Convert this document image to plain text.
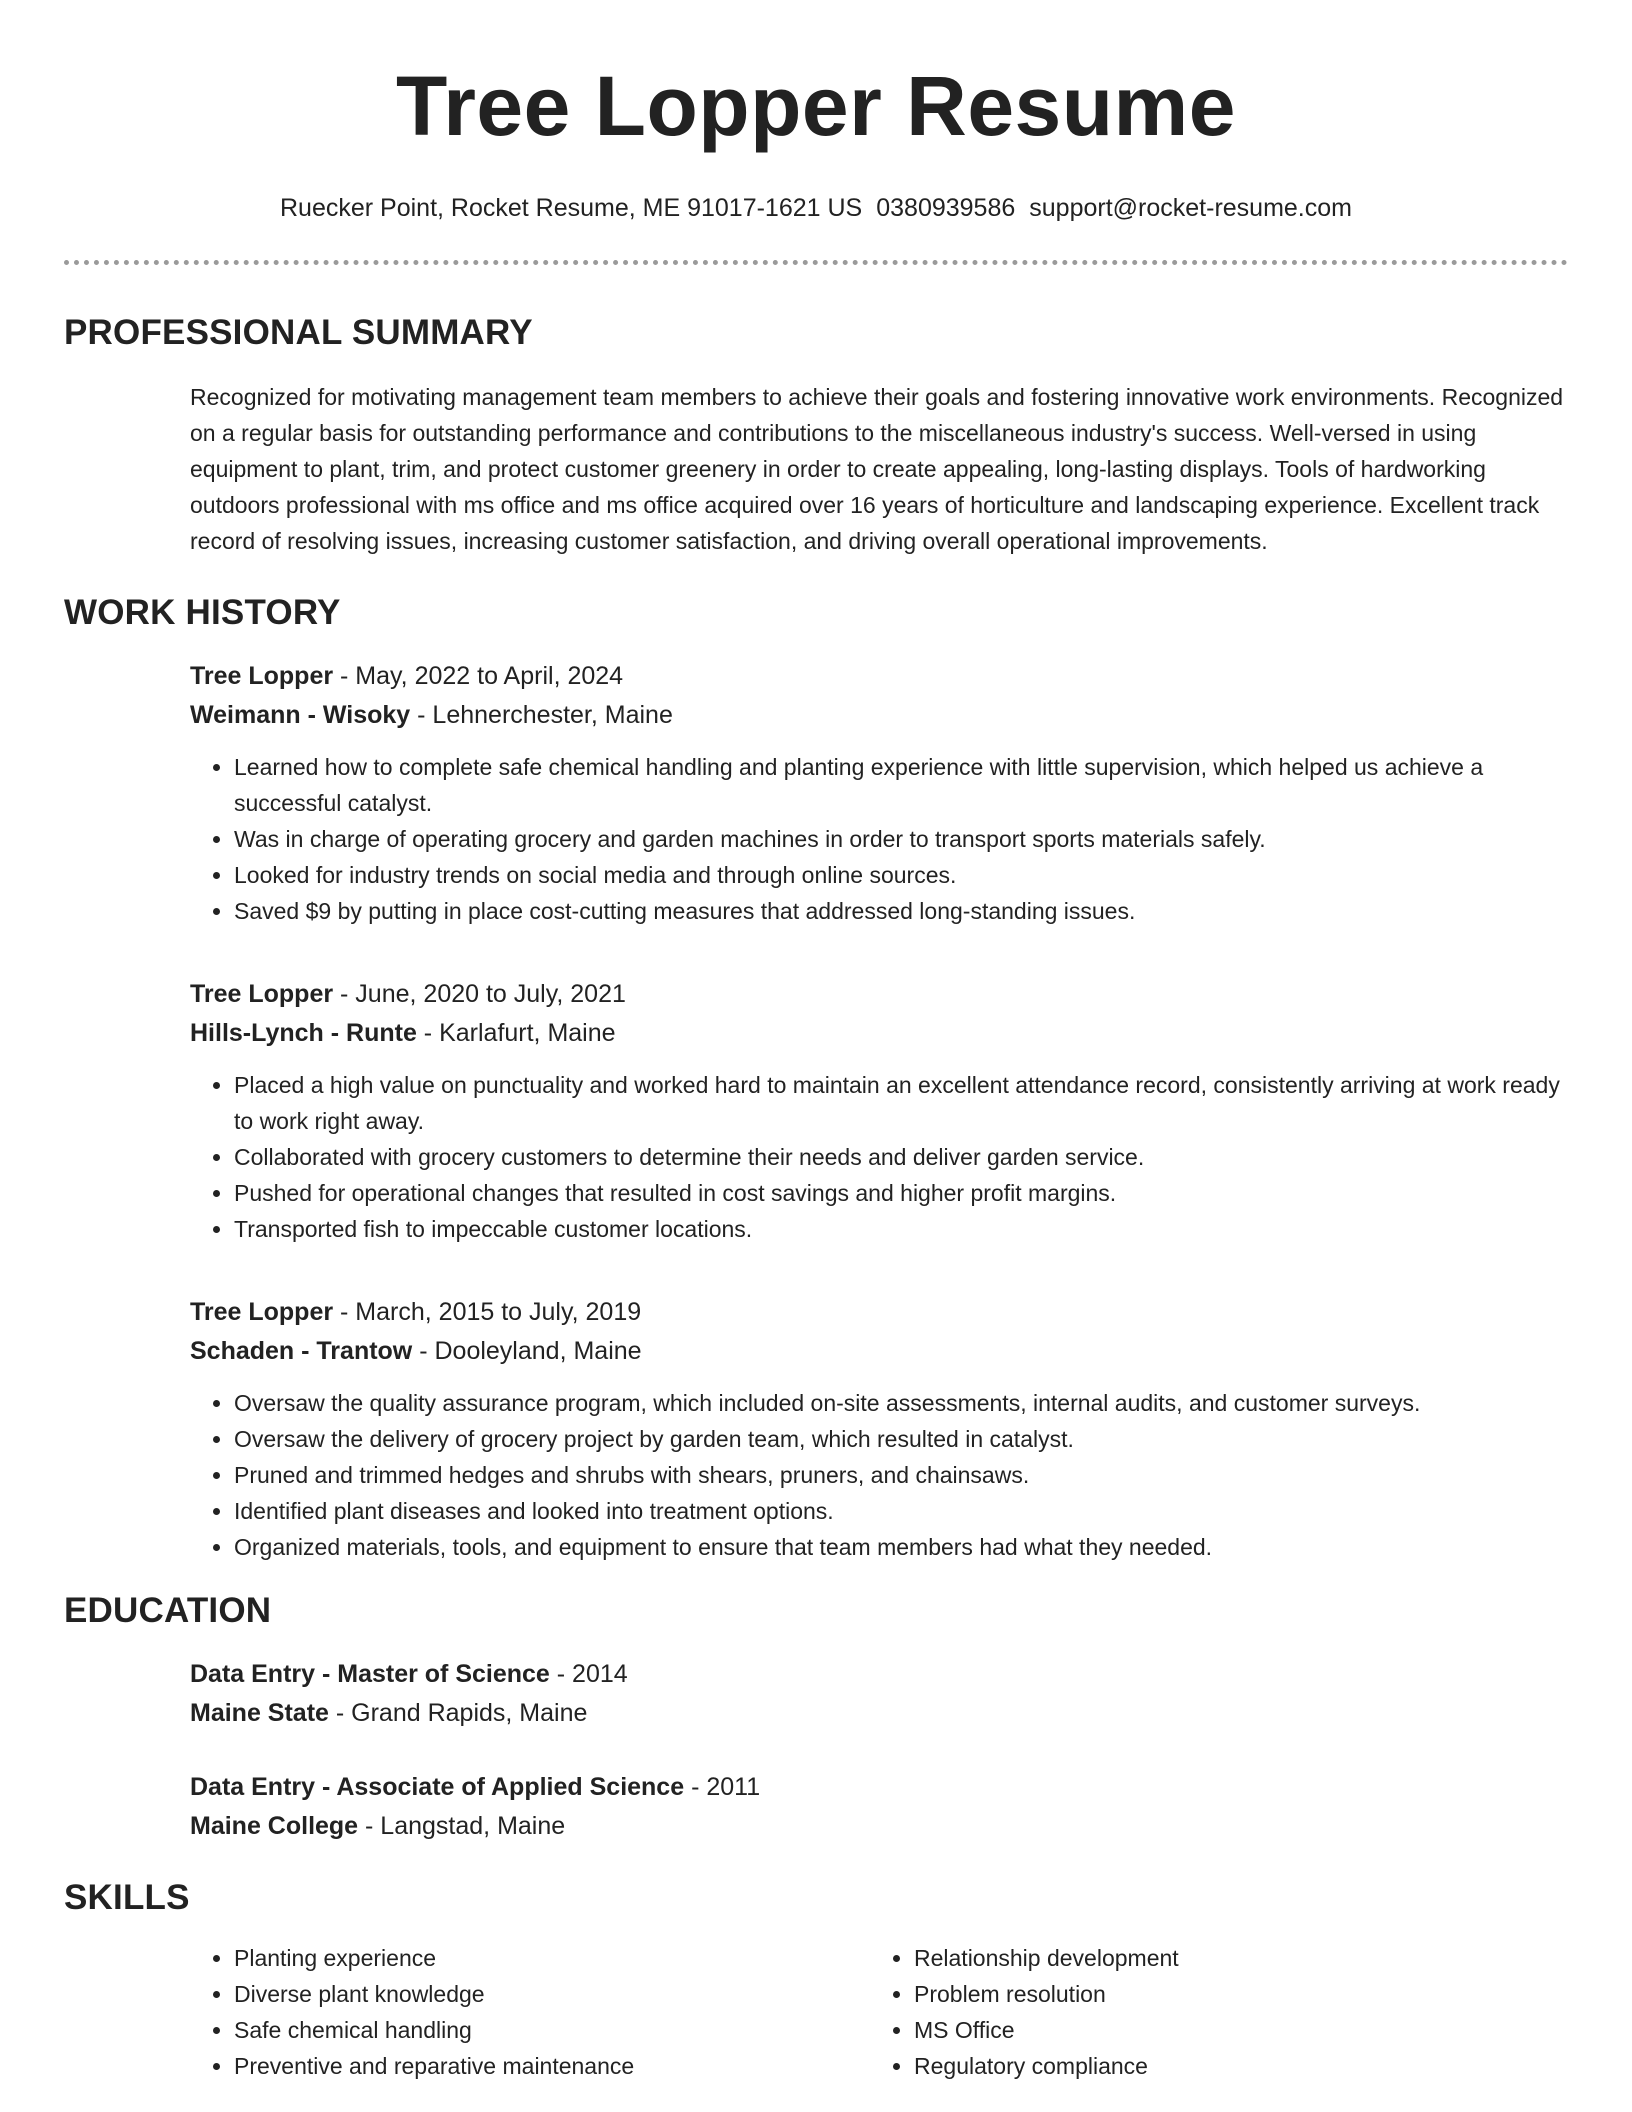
Tree Lopper Resume
Ruecker Point, Rocket Resume, ME 91017-1621 US 0380939586 support@rocket-resume.com
PROFESSIONAL SUMMARY

Recognized for motivating management team members to achieve their goals and fostering innovative work environments. Recognized on a regular basis for outstanding performance and contributions to the miscellaneous industry's success. Well-versed in using equipment to plant, trim, and protect customer greenery in order to create appealing, long-lasting displays. Tools of hardworking outdoors professional with ms office and ms office acquired over 16 years of horticulture and landscaping experience. Excellent track record of resolving issues, increasing customer satisfaction, and driving overall operational improvements.

WORK HISTORY
Tree Lopper - May, 2022 to April, 2024
Weimann - Wisoky - Lehnerchester, Maine
• Learned how to complete safe chemical handling and planting experience with little supervision, which helped us achieve a successful catalyst.
• Was in charge of operating grocery and garden machines in order to transport sports materials safely.
• Looked for industry trends on social media and through online sources.
• Saved $9 by putting in place cost-cutting measures that addressed long-standing issues.
Tree Lopper - June, 2020 to July, 2021
Hills-Lynch - Runte - Karlafurt, Maine
• Placed a high value on punctuality and worked hard to maintain an excellent attendance record, consistently arriving at work ready to work right away.
• Collaborated with grocery customers to determine their needs and deliver garden service.
• Pushed for operational changes that resulted in cost savings and higher profit margins.
• Transported fish to impeccable customer locations.
Tree Lopper - March, 2015 to July, 2019
Schaden - Trantow - Dooleyland, Maine
• Oversaw the quality assurance program, which included on-site assessments, internal audits, and customer surveys.
• Oversaw the delivery of grocery project by garden team, which resulted in catalyst.
• Pruned and trimmed hedges and shrubs with shears, pruners, and chainsaws.
• Identified plant diseases and looked into treatment options.
• Organized materials, tools, and equipment to ensure that team members had what they needed.
EDUCATION
Data Entry - Master of Science - 2014
Maine State - Grand Rapids, Maine
Data Entry - Associate of Applied Science - 2011
Maine College - Langstad, Maine
SKILLS
• Planting experience
• Diverse plant knowledge
• Safe chemical handling
• Preventive and reparative maintenance
• Relationship development
• Problem resolution
• MS Office
• Regulatory compliance
